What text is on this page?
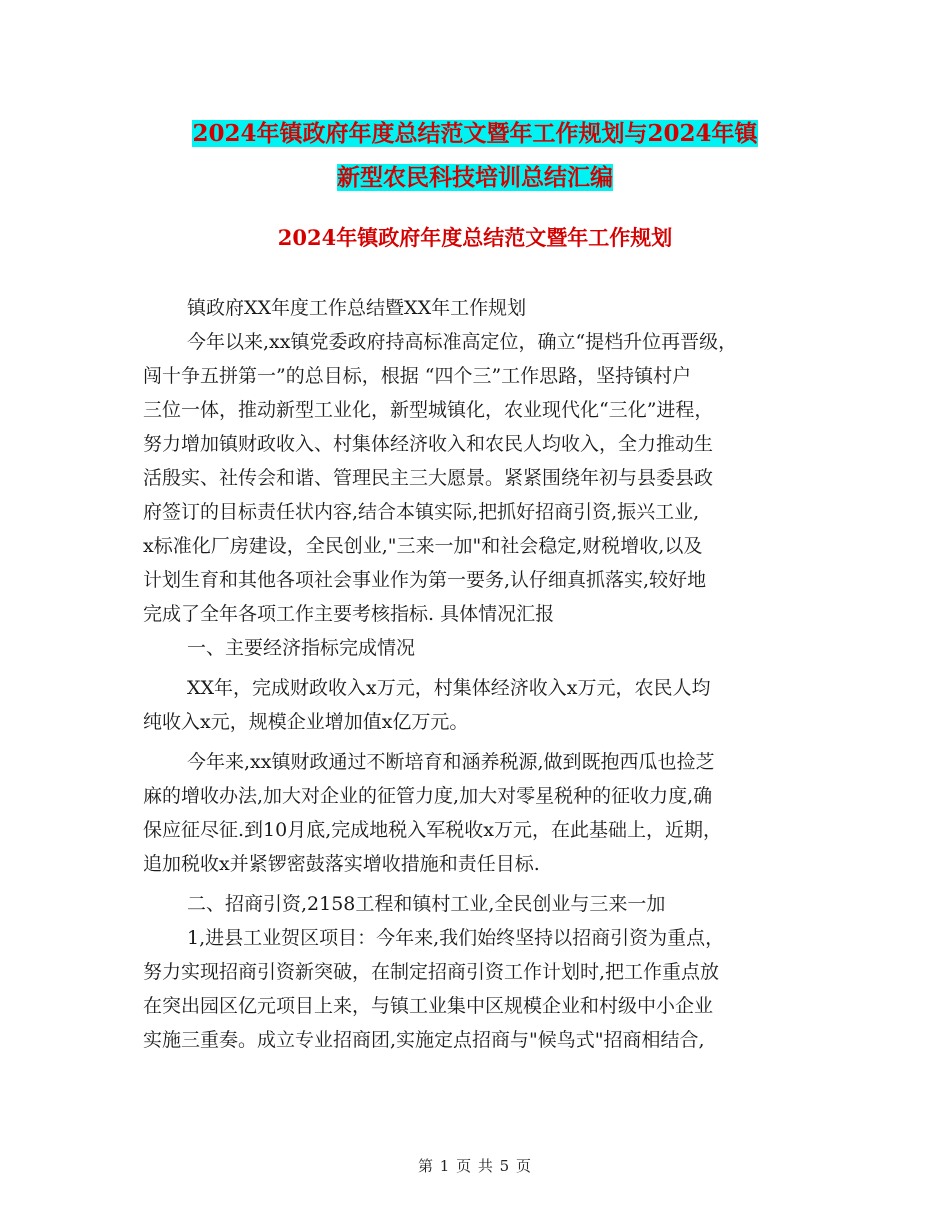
2024年镇政府年度总结范文暨年工作规划与2024年镇
新型农民科技培训总结汇编
2024年镇政府年度总结范文暨年工作规划
镇政府XX年度工作总结暨XX年工作规划
今年以来,xx镇党委政府持高标准高定位，确立“提档升位再晋级，
闯十争五拼第一”的总目标，根据 “四个三”工作思路，坚持镇村户
三位一体，推动新型工业化，新型城镇化，农业现代化“三化”进程，
努力增加镇财政收入、村集体经济收入和农民人均收入，全力推动生
活殷实、社传会和谐、管理民主三大愿景。紧紧围绕年初与县委县政
府签订的目标责任状内容,结合本镇实际,把抓好招商引资,振兴工业,
x标准化厂房建设，全民创业,"三来一加"和社会稳定,财税增收,以及
计划生育和其他各项社会事业作为第一要务,认仔细真抓落实,较好地
完成了全年各项工作主要考核指标. 具体情况汇报
一、主要经济指标完成情况
XX年，完成财政收入x万元，村集体经济收入x万元，农民人均
纯收入x元，规模企业增加值x亿万元。
今年来,xx镇财政通过不断培育和涵养税源,做到既抱西瓜也捡芝
麻的增收办法,加大对企业的征管力度,加大对零星税种的征收力度,确
保应征尽征.到10月底,完成地税入军税收x万元，在此基础上，近期，
追加税收x并紧锣密鼓落实增收措施和责任目标.
二、招商引资,2158工程和镇村工业,全民创业与三来一加
1,进县工业贺区项目：今年来,我们始终坚持以招商引资为重点，
努力实现招商引资新突破，在制定招商引资工作计划时,把工作重点放
在突出园区亿元项目上来，与镇工业集中区规模企业和村级中小企业
实施三重奏。成立专业招商团,实施定点招商与"候鸟式"招商相结合,
第 1 页 共 5 页
